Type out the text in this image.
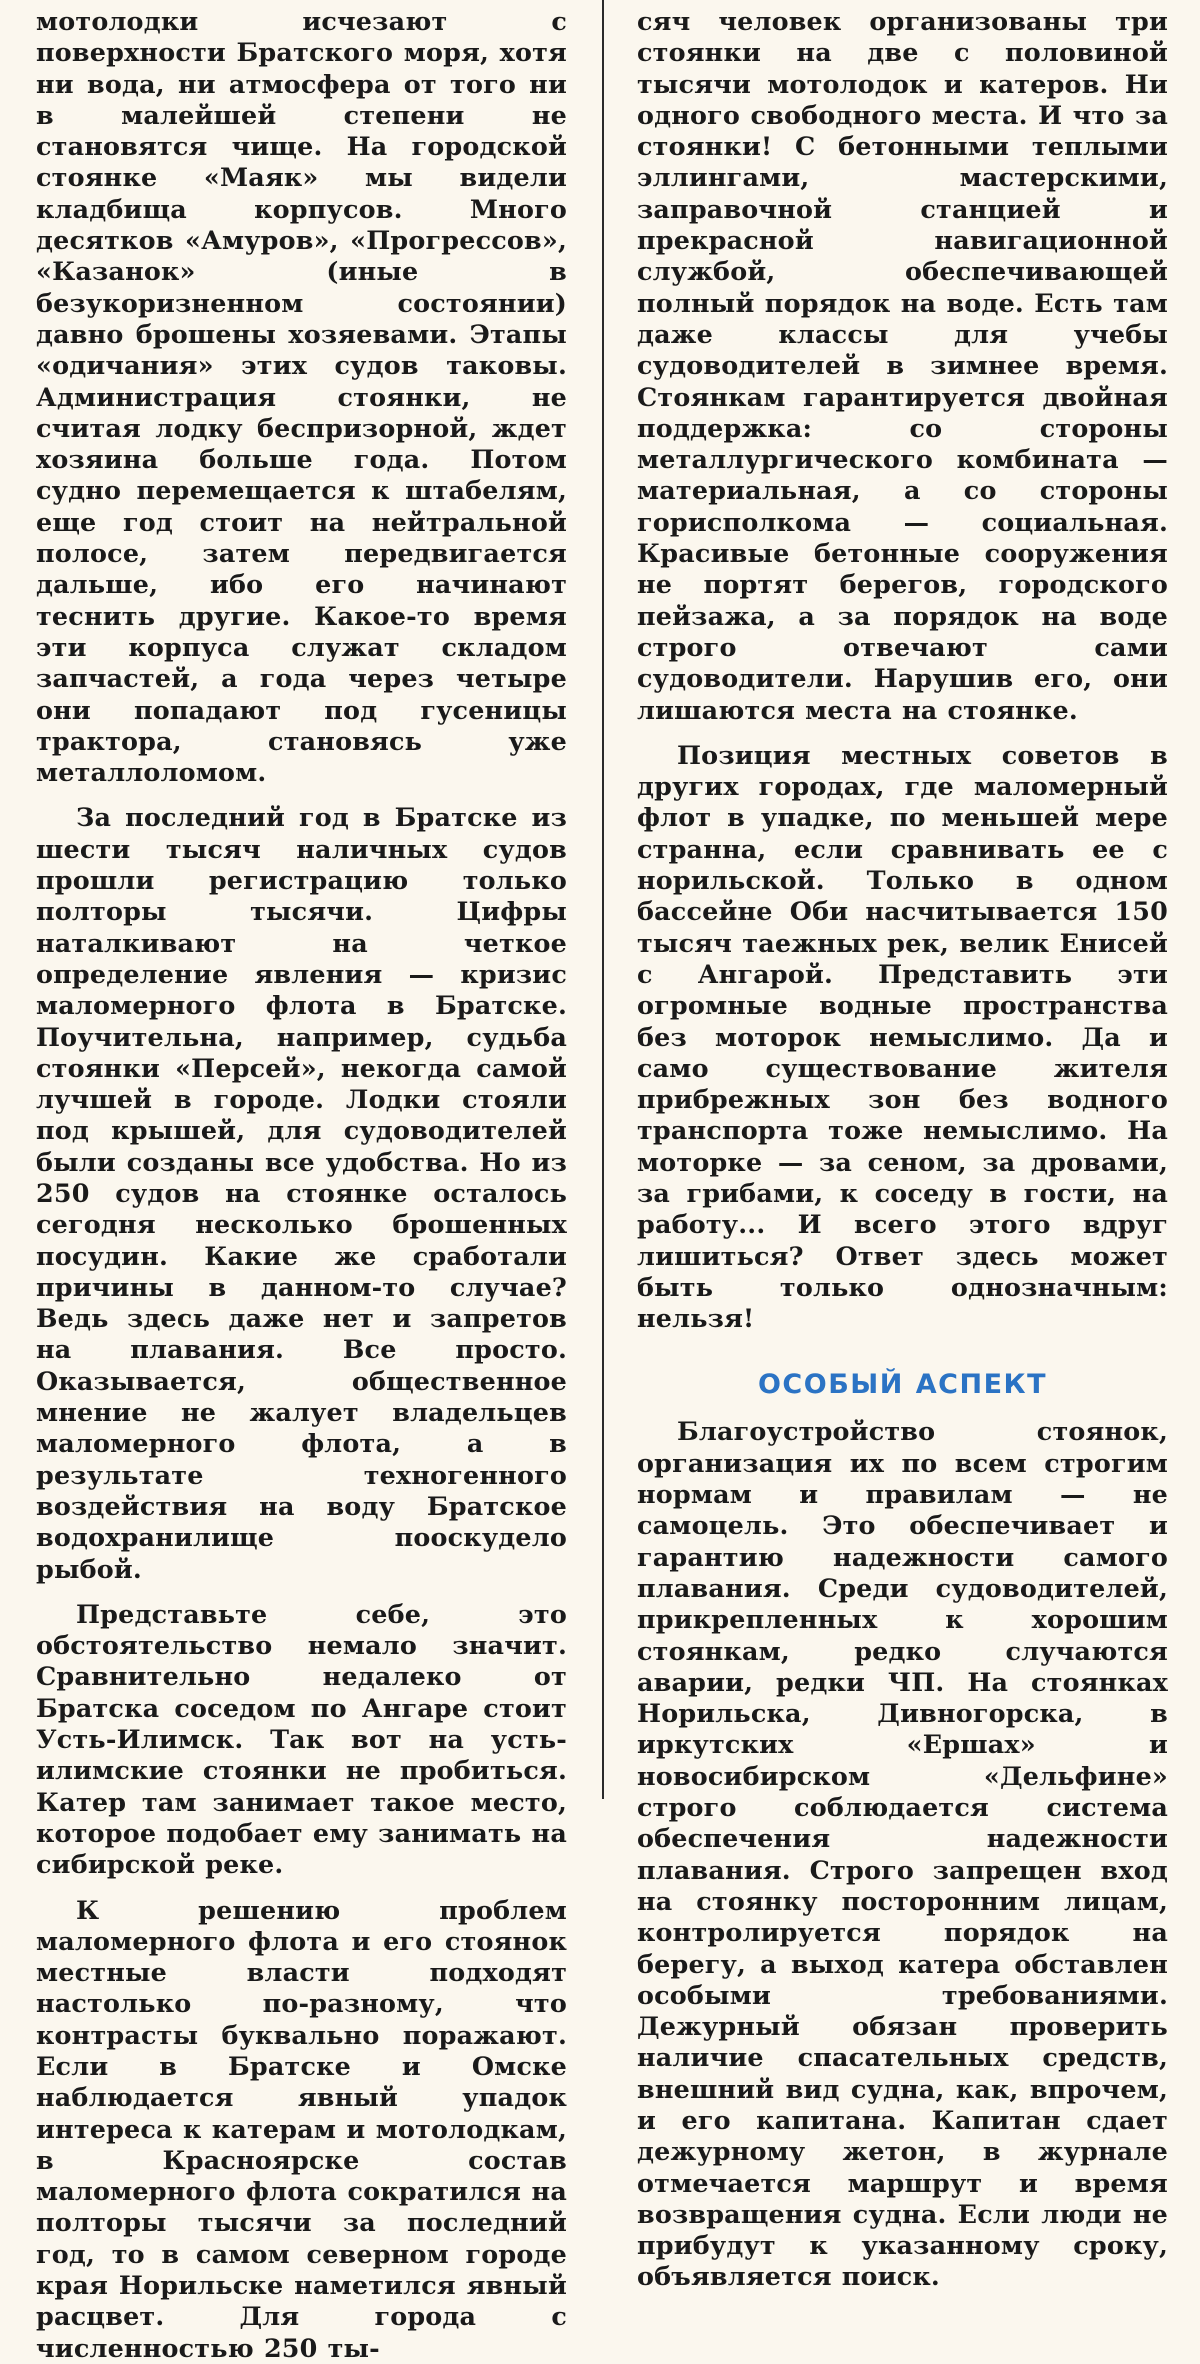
мотолодки исчезают с поверхности Братского моря, хотя ни вода, ни атмосфера от того ни в малейшей степени не становятся чище. На городской стоянке «Маяк» мы видели кладбища корпусов. Много десятков «Амуров», «Прогрессов», «Казанок» (иные в безукоризненном состоянии) давно брошены хозяевами. Этапы «одичания» этих судов таковы. Администрация стоянки, не считая лодку беспризорной, ждет хозяина больше года. Потом судно перемещается к штабелям, еще год стоит на нейтральной полосе, затем передвигается дальше, ибо его начинают теснить другие. Какое-то время эти корпуса служат складом запчастей, а года через четыре они попадают под гусеницы трактора, становясь уже металлоломом.

За последний год в Братске из шести тысяч наличных судов прошли регистрацию только полторы тысячи. Цифры наталкивают на четкое определение явления — кризис маломерного флота в Братске. Поучительна, например, судьба стоянки «Персей», некогда самой лучшей в городе. Лодки стояли под крышей, для судоводителей были созданы все удобства. Но из 250 судов на стоянке осталось сегодня несколько брошенных посудин. Какие же сработали причины в данном-то случае? Ведь здесь даже нет и запретов на плавания. Все просто. Оказывается, общественное мнение не жалует владельцев маломерного флота, а в результате техногенного воздействия на воду Братское водохранилище пооскудело рыбой.

Представьте себе, это обстоятельство немало значит. Сравнительно недалеко от Братска соседом по Ангаре стоит Усть-Илимск. Так вот на усть-илимские стоянки не пробиться. Катер там занимает такое место, которое подобает ему занимать на сибирской реке.

К решению проблем маломерного флота и его стоянок местные власти подходят настолько по-разному, что контрасты буквально поражают. Если в Братске и Омске наблюдается явный упадок интереса к катерам и мотолодкам, в Красноярске состав маломерного флота сократился на полторы тысячи за последний год, то в самом северном городе края Норильске наметился явный расцвет. Для города с численностью 250 ты-

сяч человек организованы три стоянки на две с половиной тысячи мотолодок и катеров. Ни одного свободного места. И что за стоянки! С бетонными теплыми эллингами, мастерскими, заправочной станцией и прекрасной навигационной службой, обеспечивающей полный порядок на воде. Есть там даже классы для учебы судоводителей в зимнее время. Стоянкам гарантируется двойная поддержка: со стороны металлургического комбината — материальная, а со стороны горисполкома — социальная. Красивые бетонные сооружения не портят берегов, городского пейзажа, а за порядок на воде строго отвечают сами судоводители. Нарушив его, они лишаются места на стоянке.

Позиция местных советов в других городах, где маломерный флот в упадке, по меньшей мере странна, если сравнивать ее с норильской. Только в одном бассейне Оби насчитывается 150 тысяч таежных рек, велик Енисей с Ангарой. Представить эти огромные водные пространства без моторок немыслимо. Да и само существование жителя прибрежных зон без водного транспорта тоже немыслимо. На моторке — за сеном, за дровами, за грибами, к соседу в гости, на работу... И всего этого вдруг лишиться? Ответ здесь может быть только однозначным: нельзя!

ОСОБЫЙ АСПЕКТ

Благоустройство стоянок, организация их по всем строгим нормам и правилам — не самоцель. Это обеспечивает и гарантию надежности самого плавания. Среди судоводителей, прикрепленных к хорошим стоянкам, редко случаются аварии, редки ЧП. На стоянках Норильска, Дивногорска, в иркутских «Ершах» и новосибирском «Дельфине» строго соблюдается система обеспечения надежности плавания. Строго запрещен вход на стоянку посторонним лицам, контролируется порядок на берегу, а выход катера обставлен особыми требованиями. Дежурный обязан проверить наличие спасательных средств, внешний вид судна, как, впрочем, и его капитана. Капитан сдает дежурному жетон, в журнале отмечается маршрут и время возвращения судна. Если люди не прибудут к указанному сроку, объявляется поиск.
